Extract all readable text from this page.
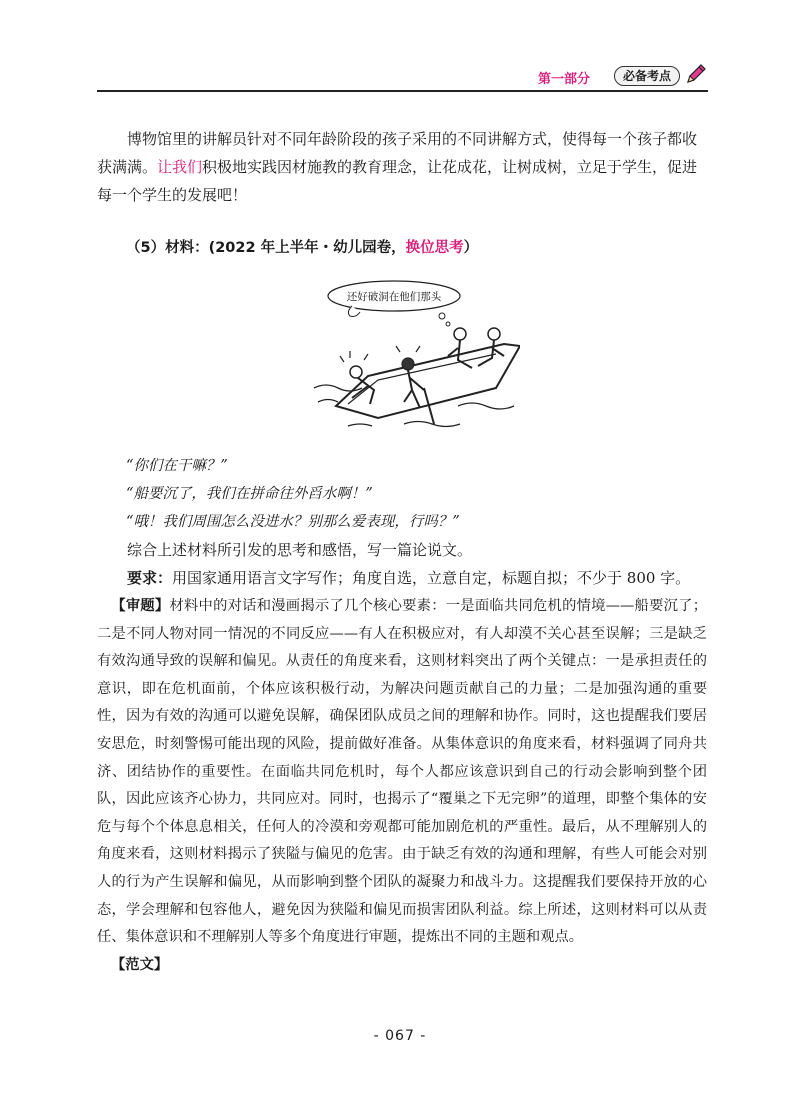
第一部分	必备考点

博物馆里的讲解员针对不同年龄阶段的孩子采用的不同讲解方式，使得每一个孩子都收获满满。让我们积极地实践因材施教的教育理念，让花成花，让树成树，立足于学生，促进每一个学生的发展吧！

（5）材料：(2022 年上半年・幼儿园卷，换位思考）
还好破洞在他们那头
“你们在干嘛？”
“船要沉了，我们在拼命往外舀水啊！”
“哦！我们周围怎么没进水？别那么爱表现，行吗？”
综合上述材料所引发的思考和感悟，写一篇论说文。
要求：用国家通用语言文字写作；角度自选，立意自定，标题自拟；不少于 800 字。

【审题】材料中的对话和漫画揭示了几个核心要素：一是面临共同危机的情境——船要沉了；二是不同人物对同一情况的不同反应——有人在积极应对，有人却漠不关心甚至误解；三是缺乏有效沟通导致的误解和偏见。从责任的角度来看，这则材料突出了两个关键点：一是承担责任的意识，即在危机面前，个体应该积极行动，为解决问题贡献自己的力量；二是加强沟通的重要性，因为有效的沟通可以避免误解，确保团队成员之间的理解和协作。同时，这也提醒我们要居安思危，时刻警惕可能出现的风险，提前做好准备。从集体意识的角度来看，材料强调了同舟共济、团结协作的重要性。在面临共同危机时，每个人都应该意识到自己的行动会影响到整个团队，因此应该齐心协力，共同应对。同时，也揭示了“覆巢之下无完卵”的道理，即整个集体的安危与每个个体息息相关，任何人的冷漠和旁观都可能加剧危机的严重性。最后，从不理解别人的角度来看，这则材料揭示了狭隘与偏见的危害。由于缺乏有效的沟通和理解，有些人可能会对别人的行为产生误解和偏见，从而影响到整个团队的凝聚力和战斗力。这提醒我们要保持开放的心态，学会理解和包容他人，避免因为狭隘和偏见而损害团队利益。综上所述，这则材料可以从责任、集体意识和不理解别人等多个角度进行审题，提炼出不同的主题和观点。

【范文】
- 067 -
